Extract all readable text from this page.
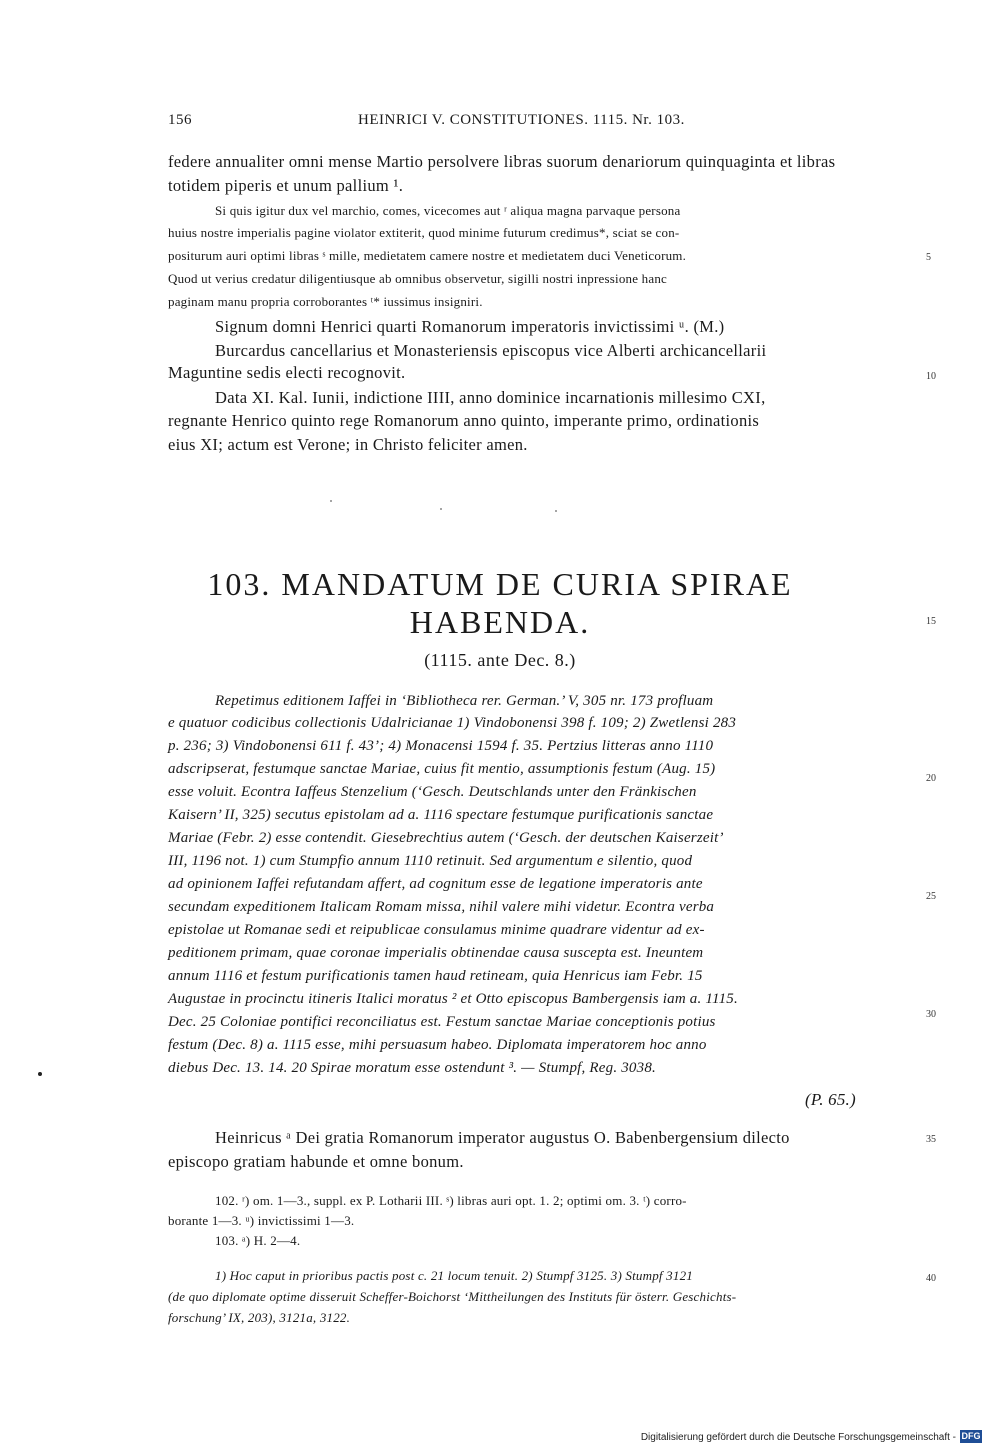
156	HEINRICI V. CONSTITUTIONES. 1115. Nr. 103.
federe annualiter omni mense Martio persolvere libras suorum denariorum quinquaginta et libras
totidem piperis et unum pallium ¹.
Si quis igitur dux vel marchio, comes, vicecomes aut ʳ aliqua magna parvaque persona
huius nostre imperialis pagine violator extiterit, quod minime futurum credimus*, sciat se con-
positurum auri optimi libras ˢ mille, medietatem camere nostre et medietatem duci Veneticorum.
Quod ut verius credatur diligentiusque ab omnibus observetur, sigilli nostri inpressione hanc
paginam manu propria corroborantes ᵗ* iussimus insigniri.
Signum domni Henrici quarti Romanorum imperatoris invictissimi ᵘ. (M.)
Burcardus cancellarius et Monasteriensis episcopus vice Alberti archicancellarii
Maguntine sedis electi recognovit.
Data XI. Kal. Iunii, indictione IIII, anno dominice incarnationis millesimo CXI,
regnante Henrico quinto rege Romanorum anno quinto, imperante primo, ordinationis
eius XI; actum est Verone; in Christo feliciter amen.
103. MANDATUM DE CURIA SPIRAE
HABENDA.
(1115. ante Dec. 8.)
Repetimus editionem Iaffei in ‘Bibliotheca rer. German.’ V, 305 nr. 173 profluam
e quatuor codicibus collectionis Udalricianae 1) Vindobonensi 398 f. 109; 2) Zwetlensi 283
p. 236; 3) Vindobonensi 611 f. 43’; 4) Monacensi 1594 f. 35. Pertzius litteras anno 1110
adscripserat, festumque sanctae Mariae, cuius fit mentio, assumptionis festum (Aug. 15)
esse voluit. Econtra Iaffeus Stenzelium (‘Gesch. Deutschlands unter den Fränkischen
Kaisern’ II, 325) secutus epistolam ad a. 1116 spectare festumque purificationis sanctae
Mariae (Febr. 2) esse contendit. Giesebrechtius autem (‘Gesch. der deutschen Kaiserzeit’
III, 1196 not. 1) cum Stumpfio annum 1110 retinuit. Sed argumentum e silentio, quod
ad opinionem Iaffei refutandam affert, ad cognitum esse de legatione imperatoris ante
secundam expeditionem Italicam Romam missa, nihil valere mihi videtur. Econtra verba
epistolae ut Romanae sedi et reipublicae consulamus minime quadrare videntur ad ex-
peditionem primam, quae coronae imperialis obtinendae causa suscepta est. Ineuntem
annum 1116 et festum purificationis tamen haud retineam, quia Henricus iam Febr. 15
Augustae in procinctu itineris Italici moratus ² et Otto episcopus Bambergensis iam a. 1115.
Dec. 25 Coloniae pontifici reconciliatus est. Festum sanctae Mariae conceptionis potius
festum (Dec. 8) a. 1115 esse, mihi persuasum habeo. Diplomata imperatorem hoc anno
diebus Dec. 13. 14. 20 Spirae moratum esse ostendunt ³. — Stumpf, Reg. 3038.
(P. 65.)
Heinricus ᵃ Dei gratia Romanorum imperator augustus O. Babenbergensium dilecto
episcopo gratiam habunde et omne bonum.
102. ʳ) om. 1—3., suppl. ex P. Lotharii III. ˢ) libras auri opt. 1. 2; optimi om. 3. ᵗ) corro-
borante 1—3. ᵘ) invictissimi 1—3.
103. ᵃ) H. 2—4.
1) Hoc caput in prioribus pactis post c. 21 locum tenuit. 2) Stumpf 3125. 3) Stumpf 3121
(de quo diplomate optime disseruit Scheffer-Boichorst ‘Mittheilungen des Instituts für österr. Geschichts-
forschung’ IX, 203), 3121a, 3122.
5
10
15
20
25
30
35
40
Digitalisierung gefördert durch die Deutsche Forschungsgemeinschaft - DFG
